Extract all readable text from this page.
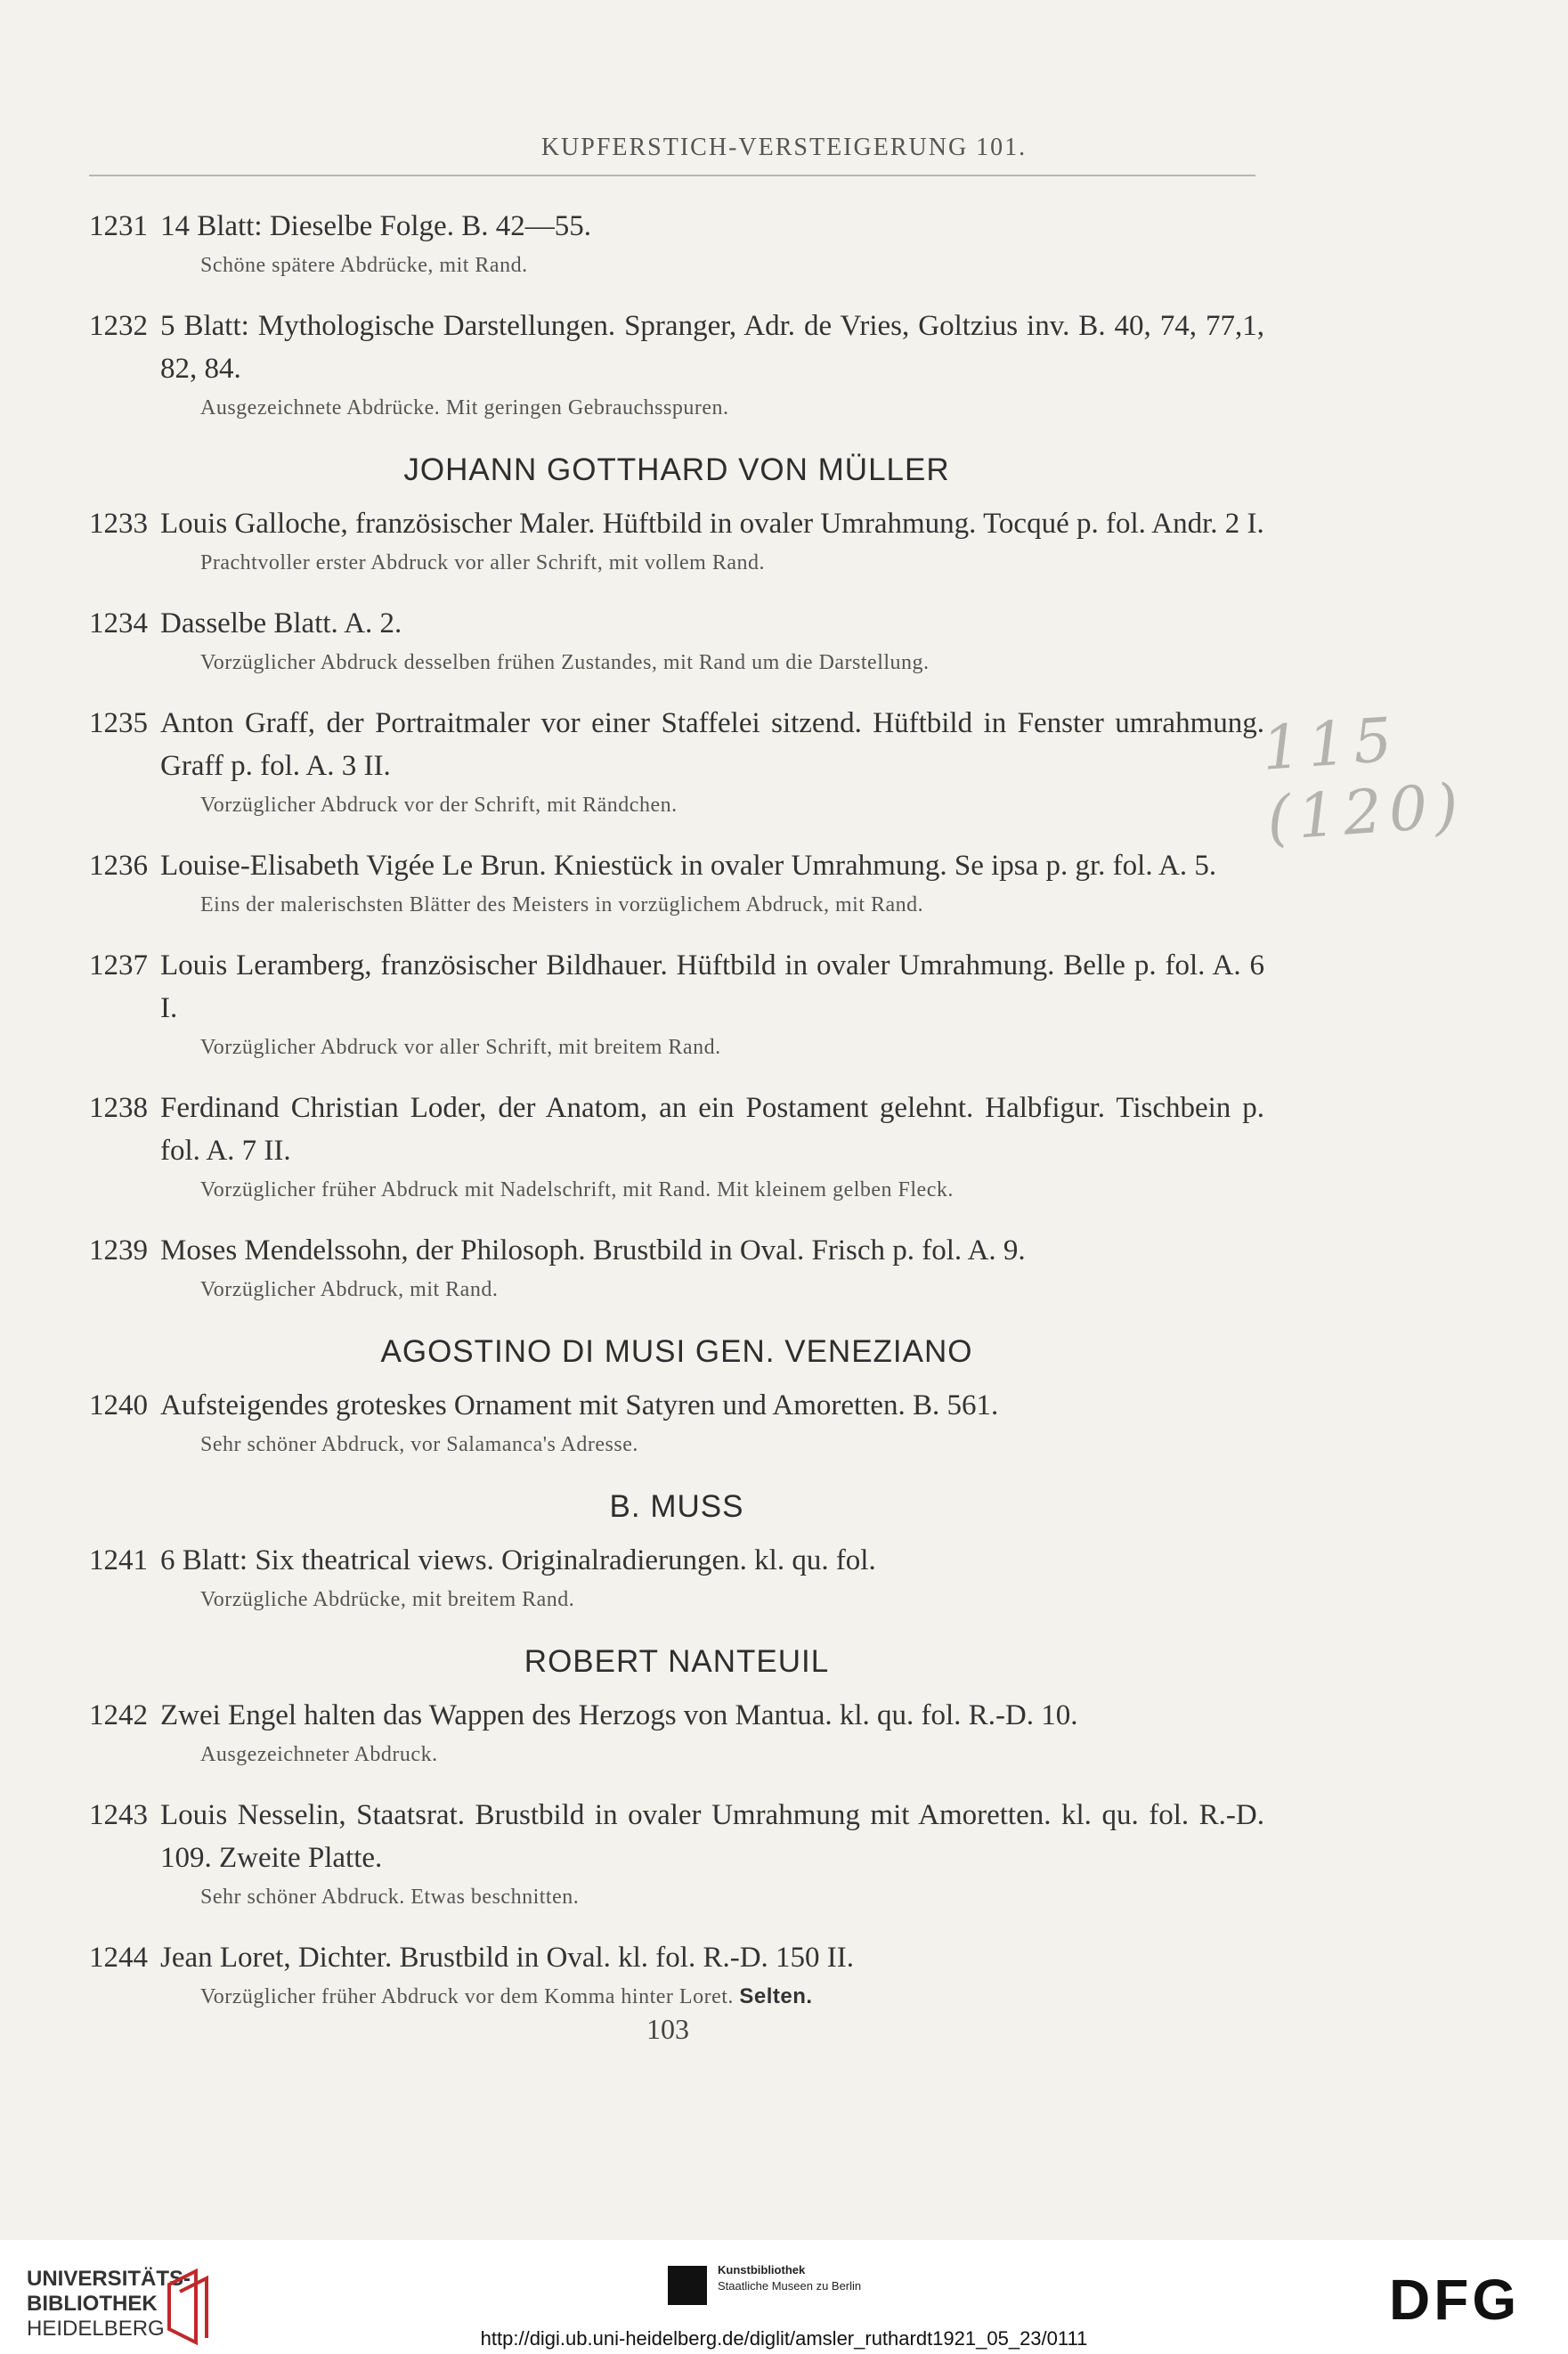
KUPFERSTICH-VERSTEIGERUNG 101.
1231 14 Blatt: Dieselbe Folge. B. 42—55.
Schöne spätere Abdrücke, mit Rand.
1232 5 Blatt: Mythologische Darstellungen. Spranger, Adr. de Vries, Goltzius inv. B. 40, 74, 77,1, 82, 84.
Ausgezeichnete Abdrücke. Mit geringen Gebrauchsspuren.
JOHANN GOTTHARD VON MÜLLER
1233 Louis Galloche, französischer Maler. Hüftbild in ovaler Umrahmung. Tocqué p. fol. Andr. 2 I.
Prachtvoller erster Abdruck vor aller Schrift, mit vollem Rand.
1234 Dasselbe Blatt. A. 2.
Vorzüglicher Abdruck desselben frühen Zustandes, mit Rand um die Darstellung.
1235 Anton Graff, der Portraitmaler vor einer Staffelei sitzend. Hüftbild in Fenster umrahmung. Graff p. fol. A. 3 II.
Vorzüglicher Abdruck vor der Schrift, mit Rändchen.
1236 Louise-Elisabeth Vigée Le Brun. Kniestück in ovaler Umrahmung. Se ipsa p. gr. fol. A. 5.
Eins der malerischsten Blätter des Meisters in vorzüglichem Abdruck, mit Rand.
1237 Louis Leramberg, französischer Bildhauer. Hüftbild in ovaler Umrahmung. Belle p. fol. A. 6 I.
Vorzüglicher Abdruck vor aller Schrift, mit breitem Rand.
1238 Ferdinand Christian Loder, der Anatom, an ein Postament gelehnt. Halbfigur. Tischbein p. fol. A. 7 II.
Vorzüglicher früher Abdruck mit Nadelschrift, mit Rand. Mit kleinem gelben Fleck.
1239 Moses Mendelssohn, der Philosoph. Brustbild in Oval. Frisch p. fol. A. 9.
Vorzüglicher Abdruck, mit Rand.
AGOSTINO DI MUSI GEN. VENEZIANO
1240 Aufsteigendes groteskes Ornament mit Satyren und Amoretten. B. 561.
Sehr schöner Abdruck, vor Salamanca's Adresse.
B. MUSS
1241 6 Blatt: Six theatrical views. Originalradierungen. kl. qu. fol.
Vorzügliche Abdrücke, mit breitem Rand.
ROBERT NANTEUIL
1242 Zwei Engel halten das Wappen des Herzogs von Mantua. kl. qu. fol. R.-D. 10.
Ausgezeichneter Abdruck.
1243 Louis Nesselin, Staatsrat. Brustbild in ovaler Umrahmung mit Amoretten. kl. qu. fol. R.-D. 109. Zweite Platte.
Sehr schöner Abdruck. Etwas beschnitten.
1244 Jean Loret, Dichter. Brustbild in Oval. kl. fol. R.-D. 150 II.
Vorzüglicher früher Abdruck vor dem Komma hinter Loret. Selten.
115 (120)
103
UNIVERSITÄTS-
BIBLIOTHEK
HEIDELBERG
Kunstbibliothek
Staatliche Museen zu Berlin	DFG
http://digi.ub.uni-heidelberg.de/diglit/amsler_ruthardt1921_05_23/0111
